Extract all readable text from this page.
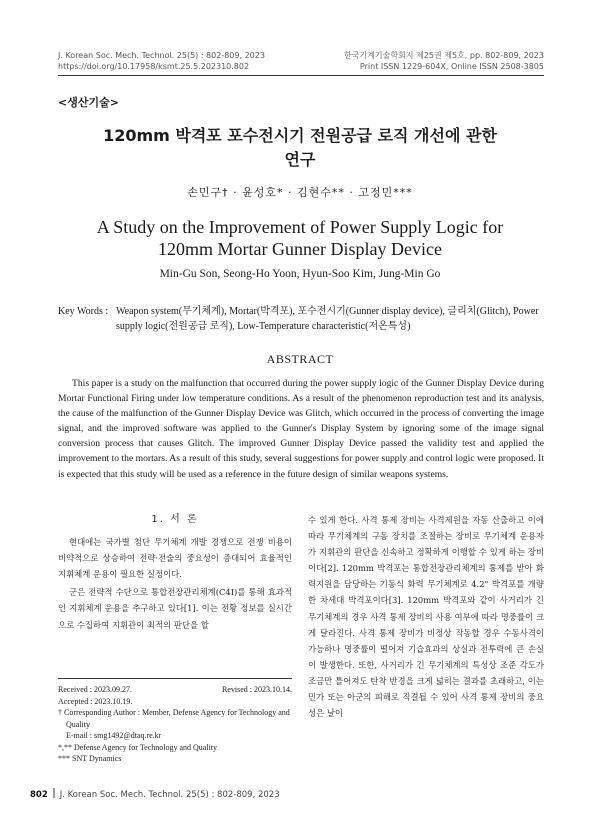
J. Korean Soc. Mech. Technol. 25(5) : 802-809, 2023
https://doi.org/10.17958/ksmt.25.5.202310.802
한국기계기술학회지 제25권 제5호, pp. 802-809, 2023
Print ISSN 1229-604X, Online ISSN 2508-3805
<생산기술>
120mm 박격포 포수전시기 전원공급 로직 개선에 관한
연구
손민구† · 윤성호* · 김현수** · 고정민***
A Study on the Improvement of Power Supply Logic for
120mm Mortar Gunner Display Device
Min-Gu Son, Seong-Ho Yoon, Hyun-Soo Kim, Jung-Min Go
Key Words : Weapon system(무기체계), Mortar(박격포), 포수전시기(Gunner display device), 글리치(Glitch), Power supply logic(전원공급 로직), Low-Temperature characteristic(저온특성)
ABSTRACT
This paper is a study on the malfunction that occurred during the power supply logic of the Gunner Display Device during Mortar Functional Firing under low temperature conditions. As a result of the phenomenon reproduction test and its analysis, the cause of the malfunction of the Gunner Display Device was Glitch, which occurred in the process of converting the image signal, and the improved software was applied to the Gunner's Display System by ignoring some of the image signal conversion process that causes Glitch. The improved Gunner Display Device passed the validity test and applied the improvement to the mortars. As a result of this study, several suggestions for power supply and control logic were proposed. It is expected that this study will be used as a reference in the future design of similar weapons systems.
1. 서 론

현대에는 국가별 첨단 무기체계 개발 경쟁으로 전쟁 비용이 비약적으로 상승하여 전략·전술의 중요성이 증대되어 효율적인 지휘체계 운용이 필요한 실정이다.

군은 전략적 수단으로 통합전장관리체계(C4I)를 통해 효과적인 지휘체계 운용을 추구하고 있다[1]. 이는 전황 정보를 실시간으로 수집하여 지휘관이 최적의 판단을 할

Received : 2023.09.27.	Revised : 2023.10.14.
Accepted : 2023.10.19.
† Corresponding Author : Member, Defense Agency for Technology and Quality
E-mail : smg1492@dtaq.re.kr
*,** Defense Agency for Technology and Quality
*** SNT Dynamics

수 있게 한다. 사격 통제 장비는 사격제원을 자동 산출하고 이에 따라 무기체계의 구동 장치를 조절하는 장비로 무기체계 운용자가 지휘관의 판단을 신속하고 정확하게 이행할 수 있게 하는 장비이다[2]. 120mm 박격포는 통합전장관리체계의 통제를 받아 화력지원을 담당하는 기동식 화력 무기체계로 4.2" 박격포를 개량한 차세대 박격포이다[3]. 120mm 박격포와 같이 사거리가 긴 무기체계의 경우 사격 통제 장비의 사용 여부에 따라 명중률이 크게 달라진다. 사격 통제 장비가 비정상 작동할 경우 수동사격이 가능하나 명중률이 떨어져 기습효과의 상실과 전투력에 큰 손실이 발생한다. 또한, 사거리가 긴 무기체계의 특성상 조준 각도가 조금만 틀어져도 탄착 반경을 크게 넓히는 결과를 초래하고, 이는 민가 또는 아군의 피해로 직결될 수 있어 사격 통제 장비의 중요성은 날이

802 J. Korean Soc. Mech. Technol. 25(5) : 802-809, 2023
